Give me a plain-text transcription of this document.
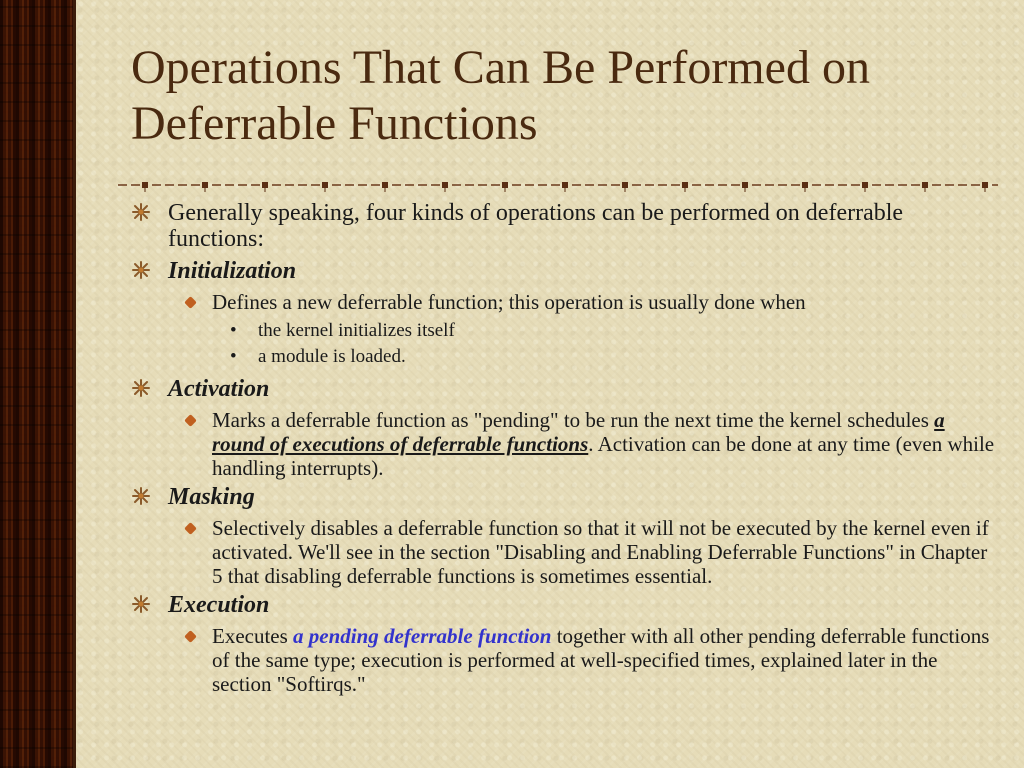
Operations That Can Be Performed on Deferrable Functions
Generally speaking, four kinds of operations can be performed on deferrable functions:
Initialization
Defines a new deferrable function; this operation is usually done when
• the kernel initializes itself
• a module is loaded.
Activation
Marks a deferrable function as "pending" to be run the next time the kernel schedules a round of executions of deferrable functions. Activation can be done at any time (even while handling interrupts).
Masking
Selectively disables a deferrable function so that it will not be executed by the kernel even if activated. We'll see in the section "Disabling and Enabling Deferrable Functions" in Chapter 5 that disabling deferrable functions is sometimes essential.
Execution
Executes a pending deferrable function together with all other pending deferrable functions of the same type; execution is performed at well-specified times, explained later in the section "Softirqs."
